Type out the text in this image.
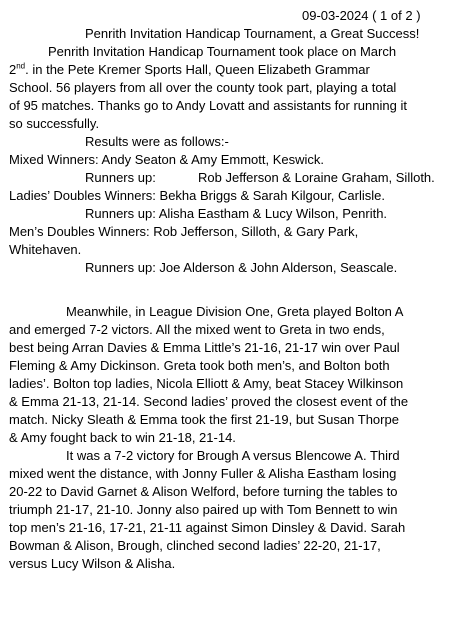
09-03-2024 ( 1 of 2 )
Penrith Invitation Handicap Tournament, a Great Success!
Penrith Invitation Handicap Tournament took place on March
2nd. in the Pete Kremer Sports Hall, Queen Elizabeth Grammar
School. 56 players from all over the county took part, playing a total
of 95 matches. Thanks go to Andy Lovatt and assistants for running it
so successfully.
Results were as follows:-
Mixed Winners: Andy Seaton & Amy Emmott, Keswick.
Runners up:	Rob Jefferson & Loraine Graham, Silloth.
Ladies’ Doubles Winners: Bekha Briggs & Sarah Kilgour, Carlisle.
Runners up: Alisha Eastham & Lucy Wilson, Penrith.
Men’s Doubles Winners: Rob Jefferson, Silloth, & Gary Park,
Whitehaven.
Runners up: Joe Alderson & John Alderson, Seascale.
Meanwhile, in League Division One, Greta played Bolton A
and emerged 7-2 victors. All the mixed went to Greta in two ends,
best being Arran Davies & Emma Little’s 21-16, 21-17 win over Paul
Fleming & Amy Dickinson. Greta took both men’s, and Bolton both
ladies’. Bolton top ladies, Nicola Elliott & Amy, beat Stacey Wilkinson
& Emma 21-13, 21-14. Second ladies’ proved the closest event of the
match. Nicky Sleath & Emma took the first 21-19, but Susan Thorpe
& Amy fought back to win 21-18, 21-14.
It was a 7-2 victory for Brough A versus Blencowe A. Third
mixed went the distance, with Jonny Fuller & Alisha Eastham losing
20-22 to David Garnet & Alison Welford, before turning the tables to
triumph 21-17, 21-10. Jonny also paired up with Tom Bennett to win
top men’s 21-16, 17-21, 21-11 against Simon Dinsley & David. Sarah
Bowman & Alison, Brough, clinched second ladies’ 22-20, 21-17,
versus Lucy Wilson & Alisha.
